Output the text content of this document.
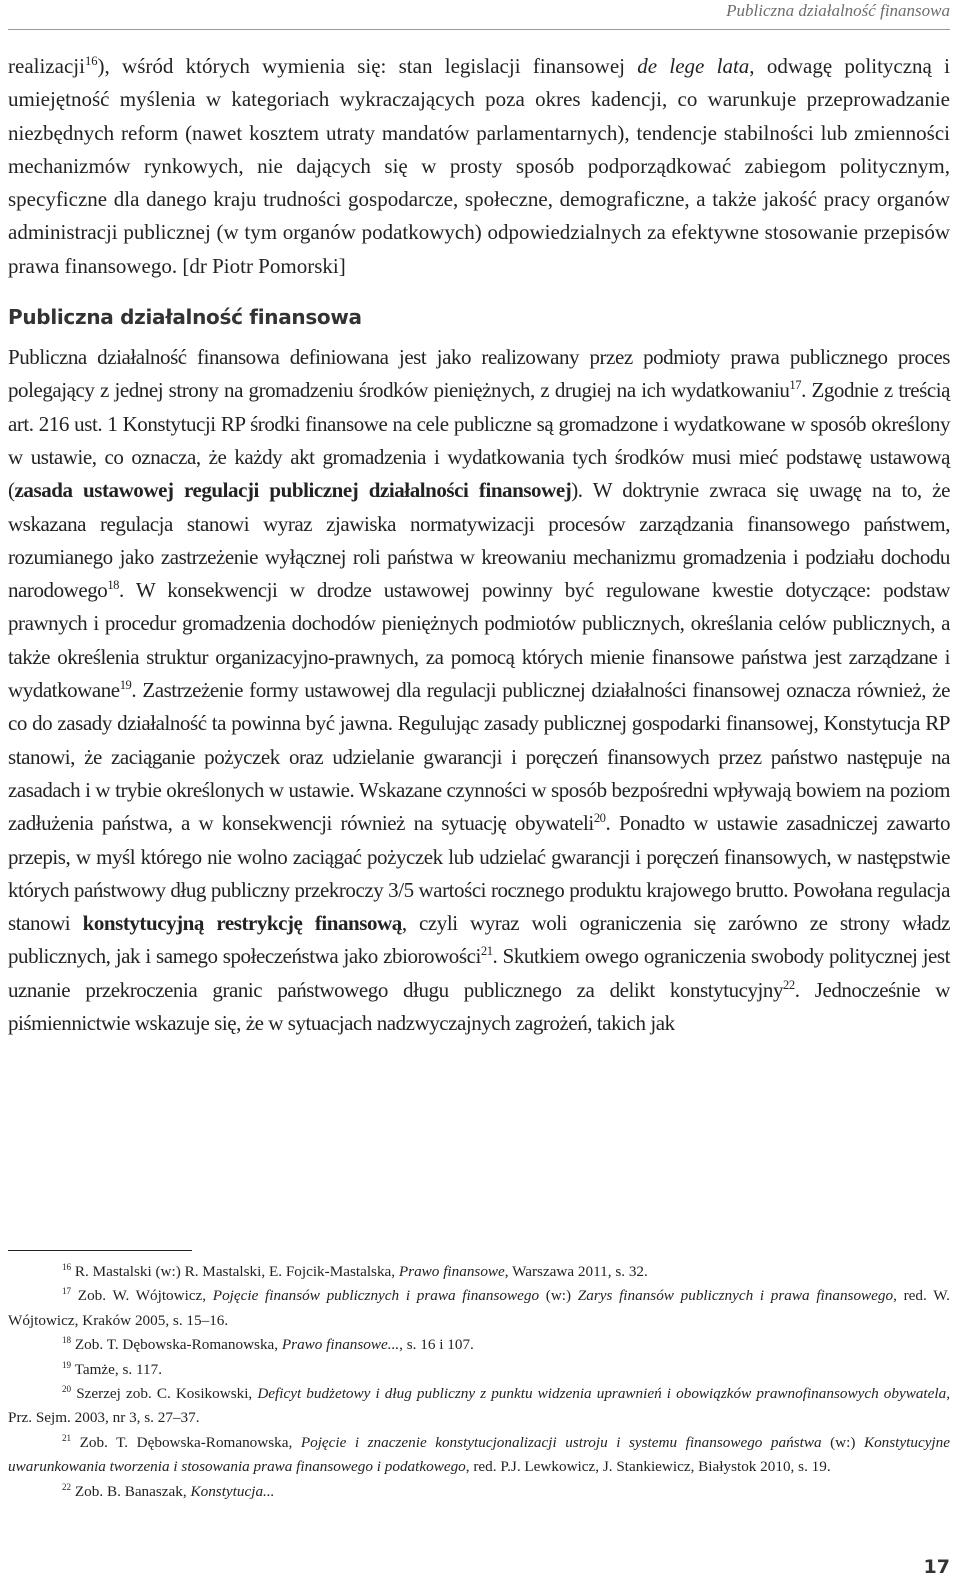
Publiczna działalność finansowa

realizacji$^{16}$), wśród których wymienia się: stan legislacji finansowej de lege lata, odwagę polityczną i umiejętność myślenia w kategoriach wykraczających poza okres kadencji, co warunkuje przeprowadzanie niezbędnych reform (nawet kosztem utraty mandatów parlamentarnych), tendencje stabilności lub zmienności mechanizmów rynkowych, nie dających się w prosty sposób podporządkować zabiegom politycznym, specyficzne dla danego kraju trudności gospodarcze, społeczne, demograficzne, a także jakość pracy organów administracji publicznej (w tym organów podatkowych) odpowiedzialnych za efektywne stosowanie przepisów prawa finansowego. [dr Piotr Pomorski]

Publiczna działalność finansowa

Publiczna działalność finansowa definiowana jest jako realizowany przez podmioty prawa publicznego proces polegający z jednej strony na gromadzeniu środków pieniężnych, z drugiej na ich wydatkowaniu$^{17}$. Zgodnie z treścią art. 216 ust. 1 Konstytucji RP środki finansowe na cele publiczne są gromadzone i wydatkowane w sposób określony w ustawie, co oznacza, że każdy akt gromadzenia i wydatkowania tych środków musi mieć podstawę ustawową (zasada ustawowej regulacji publicznej działalności finansowej). W doktrynie zwraca się uwagę na to, że wskazana regulacja stanowi wyraz zjawiska normatywizacji procesów zarządzania finansowego państwem, rozumianego jako zastrzeżenie wyłącznej roli państwa w kreowaniu mechanizmu gromadzenia i podziału dochodu narodowego$^{18}$. W konsekwencji w drodze ustawowej powinny być regulowane kwestie dotyczące: podstaw prawnych i procedur gromadzenia dochodów pieniężnych podmiotów publicznych, określania celów publicznych, a także określenia struktur organizacyjno-prawnych, za pomocą których mienie finansowe państwa jest zarządzane i wydatkowane$^{19}$. Zastrzeżenie formy ustawowej dla regulacji publicznej działalności finansowej oznacza również, że co do zasady działalność ta powinna być jawna. Regulując zasady publicznej gospodarki finansowej, Konstytucja RP stanowi, że zaciąganie pożyczek oraz udzielanie gwarancji i poręczeń finansowych przez państwo następuje na zasadach i w trybie określonych w ustawie. Wskazane czynności w sposób bezpośredni wpływają bowiem na poziom zadłużenia państwa, a w konsekwencji również na sytuację obywateli$^{20}$. Ponadto w ustawie zasadniczej zawarto przepis, w myśl którego nie wolno zaciągać pożyczek lub udzielać gwarancji i poręczeń finansowych, w następstwie których państwowy dług publiczny przekroczy 3/5 wartości rocznego produktu krajowego brutto. Powołana regulacja stanowi konstytucyjną restrykcję finansową, czyli wyraz woli ograniczenia się zarówno ze strony władz publicznych, jak i samego społeczeństwa jako zbiorowości$^{21}$. Skutkiem owego ograniczenia swobody politycznej jest uznanie przekroczenia granic państwowego długu publicznego za delikt konstytucyjny$^{22}$. Jednocześnie w piśmiennictwie wskazuje się, że w sytuacjach nadzwyczajnych zagrożeń, takich jak

$^{16}$ R. Mastalski (w:) R. Mastalski, E. Fojcik-Mastalska, Prawo finansowe, Warszawa 2011, s. 32.

$^{17}$ Zob. W. Wójtowicz, Pojęcie finansów publicznych i prawa finansowego (w:) Zarys finansów publicznych i prawa finansowego, red. W. Wójtowicz, Kraków 2005, s. 15–16.

$^{18}$ Zob. T. Dębowska-Romanowska, Prawo finansowe..., s. 16 i 107.

$^{19}$ Tamże, s. 117.

$^{20}$ Szerzej zob. C. Kosikowski, Deficyt budżetowy i dług publiczny z punktu widzenia uprawnień i obowiązków prawnofinansowych obywatela, Prz. Sejm. 2003, nr 3, s. 27–37.

$^{21}$ Zob. T. Dębowska-Romanowska, Pojęcie i znaczenie konstytucjonalizacji ustroju i systemu finansowego państwa (w:) Konstytucyjne uwarunkowania tworzenia i stosowania prawa finansowego i podatkowego, red. P.J. Lewkowicz, J. Stankiewicz, Białystok 2010, s. 19.

$^{22}$ Zob. B. Banaszak, Konstytucja...

17
